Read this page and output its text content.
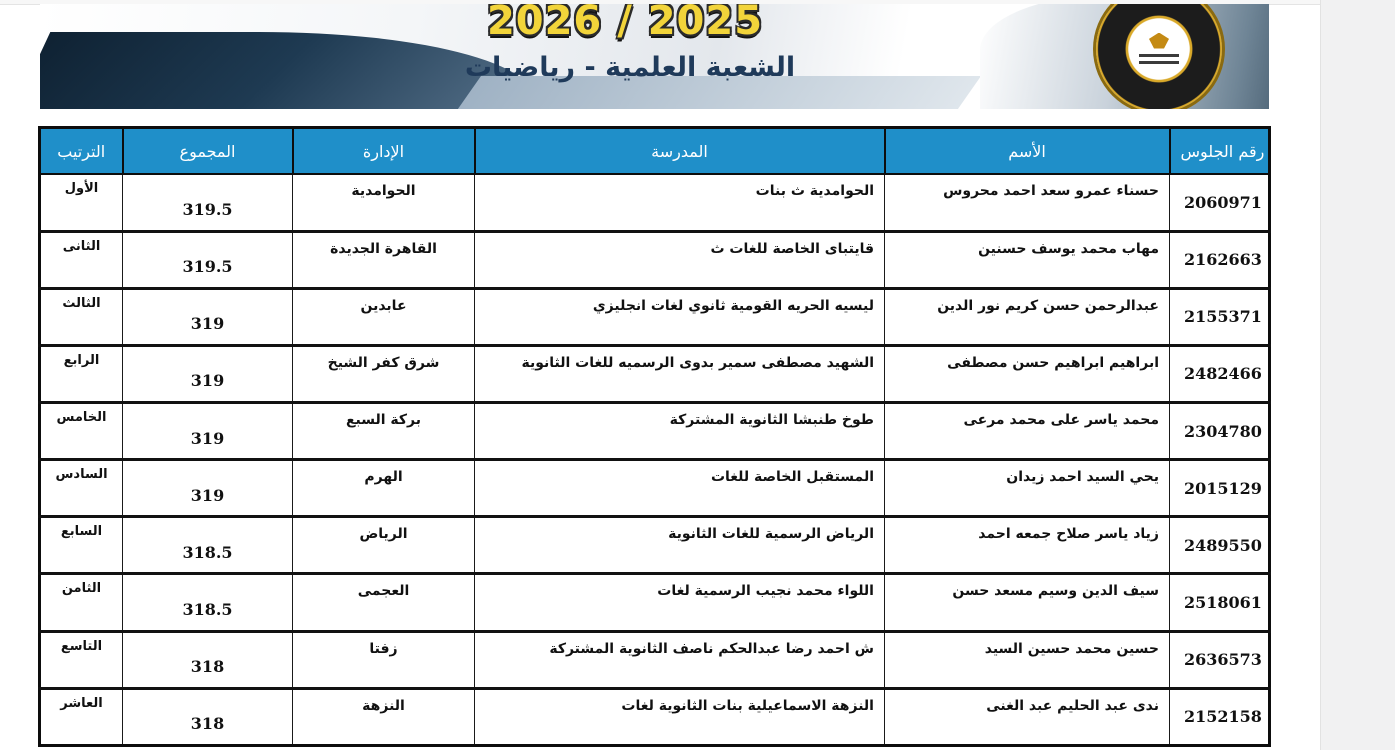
2026 / 2025
الشعبة العلمية - رياضيات
رقم الجلوس	الأسم	المدرسة	الإدارة	المجموع	الترتيب
2060971	حسناء عمرو سعد احمد محروس	الحوامدية ث بنات	الحوامدية	319.5	الأول
2162663	مهاب محمد يوسف حسنين	قايتباى الخاصة للغات ث	القاهرة الجديدة	319.5	الثانى
2155371	عبدالرحمن حسن كريم نور الدين	ليسيه الحريه القومية ثانوي لغات انجليزي	عابدين	319	الثالث
2482466	ابراهيم ابراهيم حسن مصطفى	الشهيد مصطفى سمير بدوى الرسميه للغات الثانوية	شرق كفر الشيخ	319	الرابع
2304780	محمد ياسر على محمد مرعى	طوخ طنبشا الثانوية المشتركة	بركة السبع	319	الخامس
2015129	يحي السيد احمد زيدان	المستقبل الخاصة للغات	الهرم	319	السادس
2489550	زياد ياسر صلاح جمعه احمد	الرياض الرسمية للغات الثانوية	الرياض	318.5	السابع
2518061	سيف الدين وسيم مسعد حسن	اللواء محمد نجيب الرسمية لغات	العجمى	318.5	الثامن
2636573	حسين محمد حسين السيد	ش احمد رضا عبدالحكم ناصف الثانوية المشتركة	زفتا	318	التاسع
2152158	ندى عبد الحليم عبد الغنى	النزهة الاسماعيلية بنات الثانوية لغات	النزهة	318	العاشر
